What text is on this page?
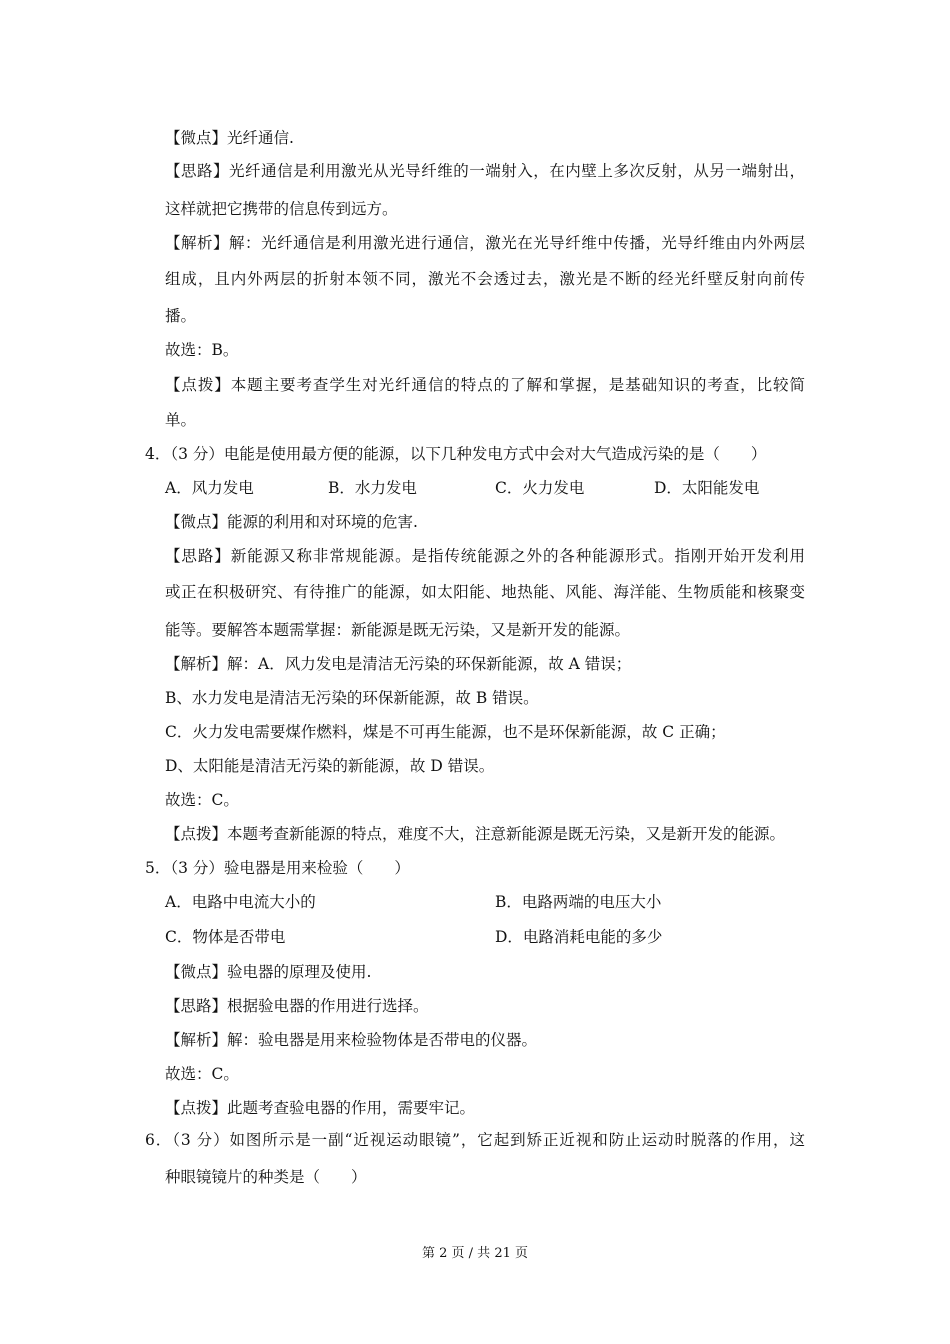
【微点】光纤通信.
【思路】光纤通信是利用激光从光导纤维的一端射入，在内壁上多次反射，从另一端射出，
这样就把它携带的信息传到远方。
【解析】解：光纤通信是利用激光进行通信，激光在光导纤维中传播，光导纤维由内外两层
组成，且内外两层的折射本领不同，激光不会透过去，激光是不断的经光纤壁反射向前传
播。
故选：B。
【点拨】本题主要考查学生对光纤通信的特点的了解和掌握，是基础知识的考查，比较简
单。
4．（3 分）电能是使用最方便的能源，以下几种发电方式中会对大气造成污染的是（　　）
A．风力发电	B．水力发电	C．火力发电	D．太阳能发电
【微点】能源的利用和对环境的危害.
【思路】新能源又称非常规能源。是指传统能源之外的各种能源形式。指刚开始开发利用
或正在积极研究、有待推广的能源，如太阳能、地热能、风能、海洋能、生物质能和核聚变
能等。要解答本题需掌握：新能源是既无污染，又是新开发的能源。
【解析】解：A．风力发电是清洁无污染的环保新能源，故 A 错误；
B、水力发电是清洁无污染的环保新能源，故 B 错误。
C．火力发电需要煤作燃料，煤是不可再生能源，也不是环保新能源，故 C 正确；
D、太阳能是清洁无污染的新能源，故 D 错误。
故选：C。
【点拨】本题考查新能源的特点，难度不大，注意新能源是既无污染，又是新开发的能源。
5．（3 分）验电器是用来检验（　　）
A．电路中电流大小的	B．电路两端的电压大小
C．物体是否带电	D．电路消耗电能的多少
【微点】验电器的原理及使用.
【思路】根据验电器的作用进行选择。
【解析】解：验电器是用来检验物体是否带电的仪器。
故选：C。
【点拨】此题考查验电器的作用，需要牢记。
6．（3 分）如图所示是一副“近视运动眼镜”，它起到矫正近视和防止运动时脱落的作用，这
种眼镜镜片的种类是（　　）
第 2 页 / 共 21 页
